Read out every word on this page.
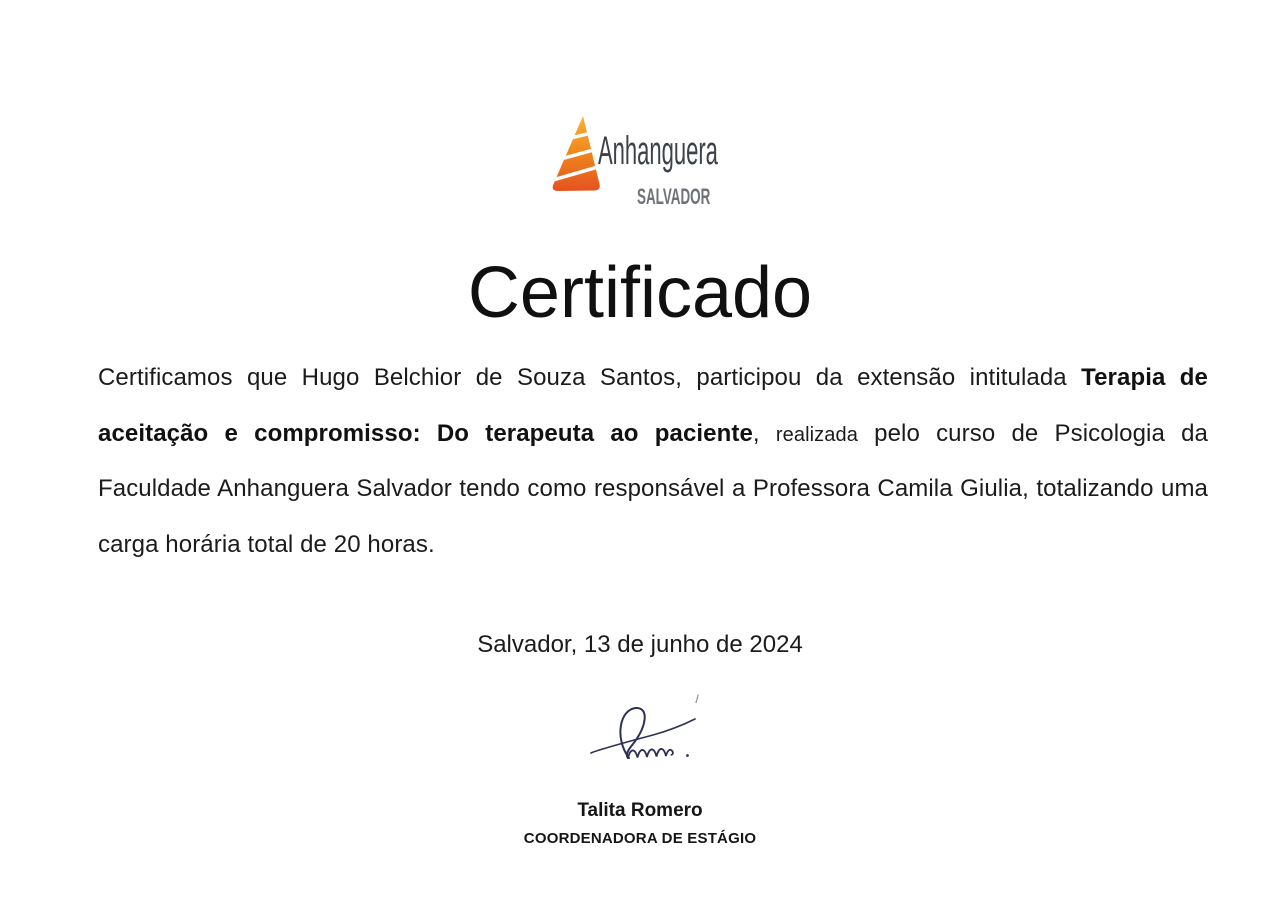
Anhanguera
SALVADOR
Certificado
Certificamos que Hugo Belchior de Souza Santos, participou da extensão intitulada Terapia de
aceitação e compromisso: Do terapeuta ao paciente, realizada pelo curso de Psicologia da
Faculdade Anhanguera Salvador tendo como responsável a Professora Camila Giulia, totalizando uma
carga horária total de 20 horas.
Salvador, 13 de junho de 2024
Talita Romero
COORDENADORA DE ESTÁGIO
